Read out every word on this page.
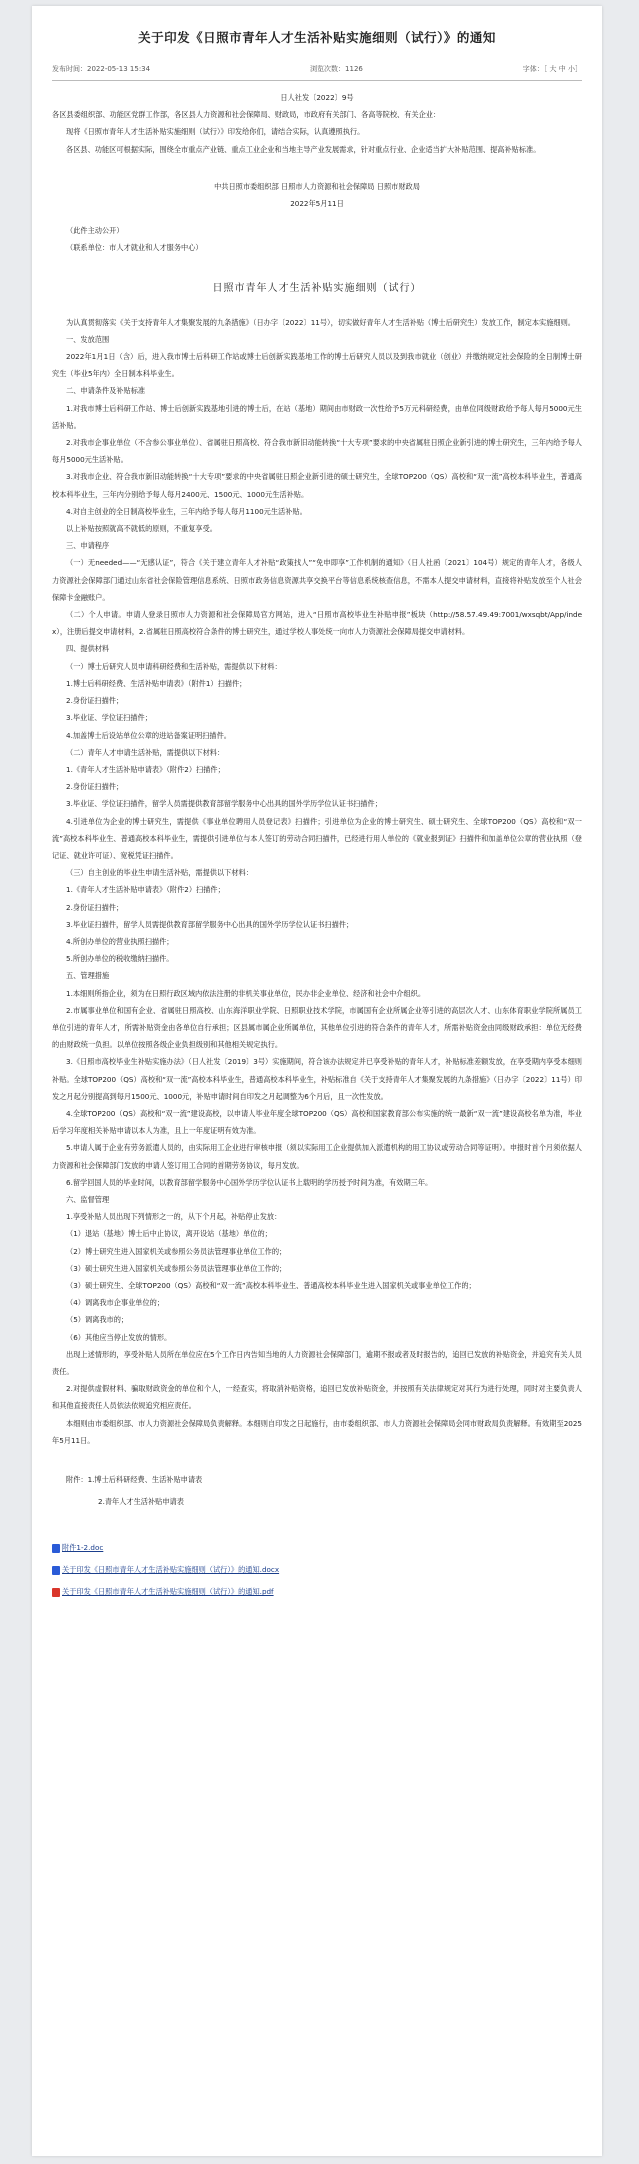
关于印发《日照市青年人才生活补贴实施细则（试行）》的通知
发布时间：2022-05-13 15:34	浏览次数：1126	字体：［ 大 中 小］

日人社发〔2022〕9号

各区县委组织部、功能区党群工作部，各区县人力资源和社会保障局、财政局，市政府有关部门、各高等院校、有关企业：

现将《日照市青年人才生活补贴实施细则（试行）》印发给你们，请结合实际，认真遵照执行。

各区县、功能区可根据实际，围绕全市重点产业链、重点工业企业和当地主导产业发展需求，针对重点行业、企业适当扩大补贴范围、提高补贴标准。

中共日照市委组织部 日照市人力资源和社会保障局 日照市财政局

2022年5月11日

（此件主动公开）

（联系单位：市人才就业和人才服务中心）

日照市青年人才生活补贴实施细则（试行）

为认真贯彻落实《关于支持青年人才集聚发展的九条措施》（日办字〔2022〕11号），切实做好青年人才生活补贴（博士后研究生）发放工作，制定本实施细则。

一、发放范围

2022年1月1日（含）后，进入我市博士后科研工作站或博士后创新实践基地工作的博士后研究人员以及到我市就业（创业）并缴纳规定社会保险的全日制博士研究生（毕业5年内）全日制本科毕业生。

二、申请条件及补贴标准

1.对我市博士后科研工作站、博士后创新实践基地引进的博士后，在站（基地）期间由市财政一次性给予5万元科研经费，由单位同级财政给予每人每月5000元生活补贴。

2.对我市企事业单位（不含参公事业单位）、省属驻日照高校、符合我市新旧动能转换“十大专项”要求的中央省属驻日照企业新引进的博士研究生，三年内给予每人每月5000元生活补贴。

3.对我市企业、符合我市新旧动能转换“十大专项”要求的中央省属驻日照企业新引进的硕士研究生，全球TOP200（QS）高校和“双一流”高校本科毕业生，普通高校本科毕业生，三年内分别给予每人每月2400元、1500元、1000元生活补贴。

4.对自主创业的全日制高校毕业生，三年内给予每人每月1100元生活补贴。

以上补贴按照就高不就低的原则，不重复享受。

三、申请程序

（一）无needed——“无感认证”，符合《关于建立青年人才补贴“政策找人”“免申即享”工作机制的通知》（日人社函〔2021〕104号）规定的青年人才，各级人力资源社会保障部门通过山东省社会保险管理信息系统、日照市政务信息资源共享交换平台等信息系统核查信息，不需本人提交申请材料，直接将补贴发放至个人社会保障卡金融账户。

（二）个人申请。申请人登录日照市人力资源和社会保障局官方网站，进入“日照市高校毕业生补贴申报”板块（http://58.57.49.49:7001/wxsqbt/App/index），注册后提交申请材料，2.省属驻日照高校符合条件的博士研究生，通过学校人事处统一向市人力资源社会保障局提交申请材料。

四、提供材料

（一）博士后研究人员申请科研经费和生活补贴，需提供以下材料：

1.博士后科研经费、生活补贴申请表》（附件1）扫描件；

2.身份证扫描件；

3.毕业证、学位证扫描件；

4.加盖博士后设站单位公章的进站备案证明扫描件。

（二）青年人才申请生活补贴，需提供以下材料：

1.《青年人才生活补贴申请表》（附件2）扫描件；

2.身份证扫描件；

3.毕业证、学位证扫描件，留学人员需提供教育部留学服务中心出具的国外学历学位认证书扫描件；

4.引进单位为企业的博士研究生，需提供《事业单位聘用人员登记表》扫描件；引进单位为企业的博士研究生、硕士研究生、全球TOP200（QS）高校和“双一流”高校本科毕业生、普通高校本科毕业生，需提供引进单位与本人签订的劳动合同扫描件，已经进行用人单位的《就业报到证》扫描件和加盖单位公章的营业执照（登记证、就业许可证）、宽税凭证扫描件。

（三）自主创业的毕业生申请生活补贴，需提供以下材料：

1.《青年人才生活补贴申请表》（附件2）扫描件；

2.身份证扫描件；

3.毕业证扫描件，留学人员需提供教育部留学服务中心出具的国外学历学位认证书扫描件；

4.所创办单位的营业执照扫描件；

5.所创办单位的税收缴纳扫描件。

五、管理措施

1.本细则所指企业，须为在日照行政区域内依法注册的非机关事业单位，民办非企业单位、经济和社会中介组织。

2.市属事业单位和国有企业、省属驻日照高校、山东海洋职业学院、日照职业技术学院，市属国有企业所属企业等引进的高层次人才、山东体育职业学院所属员工单位引进的青年人才，所需补贴资金由各单位自行承担；区县属市属企业所属单位，其他单位引进的符合条件的青年人才，所需补贴资金由同级财政承担：单位无经费的由财政统一负担。以单位按照各级企业负担级别和其他相关规定执行。

3.《日照市高校毕业生补贴实施办法》（日人社发〔2019〕3号）实施期间，符合该办法规定并已享受补贴的青年人才，补贴标准差额发放，在享受期内享受本细则补贴。全球TOP200（QS）高校和“双一流”高校本科毕业生，普通高校本科毕业生，补贴标准自《关于支持青年人才集聚发展的九条措施》（日办字〔2022〕11号）印发之月起分别提高到每月1500元、1000元，补贴申请时间自印发之月起调整为6个月后，且一次性发放。

4.全球TOP200（QS）高校和“双一流”建设高校，以申请人毕业年度全球TOP200（QS）高校和国家教育部公布实施的统一最新“双一流”建设高校名单为准，毕业后学习年度相关补贴申请以本人为准，且上一年度证明有效为准。

5.申请人属于企业有劳务派遣人员的，由实际用工企业进行审核申报（须以实际用工企业提供加入派遣机构的用工协议或劳动合同等证明）。申报时首个月须依据人力资源和社会保障部门发放的申请人签订用工合同的首期劳务协议，每月发放。

6.留学回国人员的毕业时间，以教育部留学服务中心国外学历学位认证书上载明的学历授予时间为准，有效期三年。

六、监督管理

1.享受补贴人员出现下列情形之一的，从下个月起，补贴停止发放：

（1）退站（基地）博士后中止协议，离开设站（基地）单位的；

（2）博士研究生进入国家机关或参照公务员法管理事业单位工作的；

（3）硕士研究生进入国家机关或参照公务员法管理事业单位工作的；

（3）硕士研究生、全球TOP200（QS）高校和“双一流”高校本科毕业生、普通高校本科毕业生进入国家机关或事业单位工作的；

（4）调离我市企事业单位的；

（5）调离我市的；

（6）其他应当停止发放的情形。

出现上述情形的，享受补贴人员所在单位应在5个工作日内告知当地的人力资源社会保障部门，逾期不报或者及时报告的，追回已发放的补贴资金，并追究有关人员责任。

2.对提供虚假材料、骗取财政资金的单位和个人，一经查实，将取消补贴资格，追回已发放补贴资金，并按照有关法律规定对其行为进行处理，同时对主要负责人和其他直接责任人员依法依规追究相应责任。

本细则由市委组织部、市人力资源社会保障局负责解释。本细则自印发之日起施行，由市委组织部、市人力资源社会保障局会同市财政局负责解释。有效期至2025年5月11日。

附件：1.博士后科研经费、生活补贴申请表
2.青年人才生活补贴申请表
附件1-2.doc
关于印发《日照市青年人才生活补贴实施细则（试行）》的通知.docx
关于印发《日照市青年人才生活补贴实施细则（试行）》的通知.pdf
